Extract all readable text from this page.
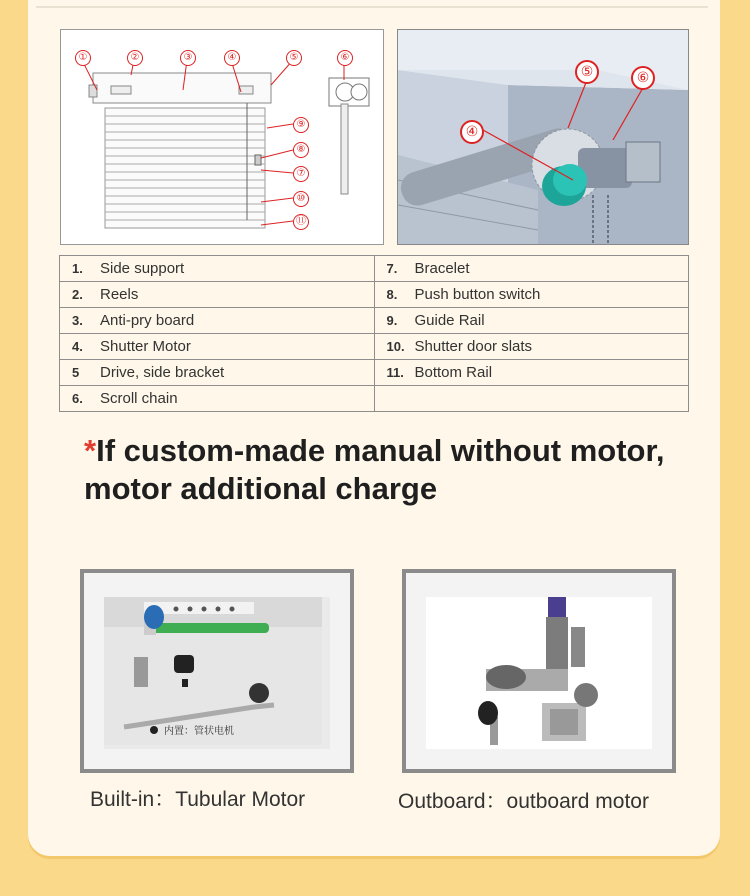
①	②	③	④	⑤	⑥
⑨
⑧
⑦
⑩
⑪
⑤	⑥
④
1. Side support	7. Bracelet
2. Reels	8. Push button switch
3. Anti-pry board	9. Guide Rail
4. Shutter Motor	10. Shutter door slats
5 Drive, side bracket	11. Bottom Rail
6. Scroll chain	
*If custom-made manual without motor,
motor additional charge
内置：管状电机
Built-in：Tubular Motor	Outboard：outboard motor
